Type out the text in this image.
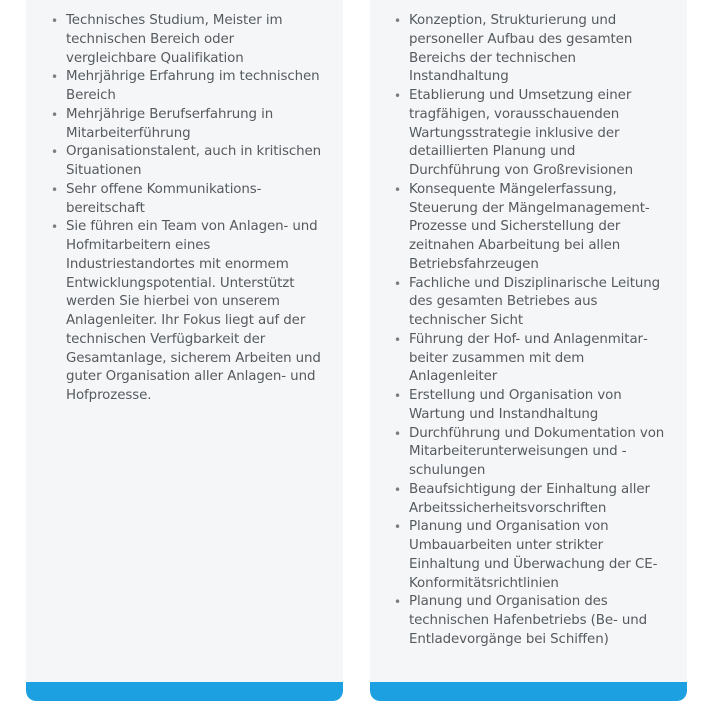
• Technisches Studium, Meister im technischen Bereich oder vergleichbare Qualifikation
• Mehrjährige Erfahrung im technischen Bereich
• Mehrjährige Berufserfahrung in Mitarbeiterführung
• Organisationstalent, auch in kritischen Situationen
• Sehr offene Kommunikationsbereitschaft
• Sie führen ein Team von Anlagen- und Hofmitarbeitern eines Industriestandortes mit enormem Entwicklungspotential. Unterstützt werden Sie hierbei von unserem Anlagenleiter. Ihr Fokus liegt auf der technischen Verfügbarkeit der Gesamtanlage, sicherem Arbeiten und guter Organisation aller Anlagen- und Hofprozesse.
• Konzeption, Strukturierung und personeller Aufbau des gesamten Bereichs der technischen Instandhaltung
• Etablierung und Umsetzung einer tragfähigen, vorausschauenden Wartungsstrategie inklusive der detaillierten Planung und Durchführung von Großrevisionen
• Konsequente Mängelerfassung, Steuerung der Mängelmanagement-Prozesse und Sicherstellung der zeitnahen Abarbeitung bei allen Betriebsfahrzeugen
• Fachliche und Disziplinarische Leitung des gesamten Betriebes aus technischer Sicht
• Führung der Hof- und Anlagenmitarbeiter zusammen mit dem Anlagenleiter
• Erstellung und Organisation von Wartung und Instandhaltung
• Durchführung und Dokumentation von Mitarbeiterunterweisungen und -schulungen
• Beaufsichtigung der Einhaltung aller Arbeitssicherheitsvorschriften
• Planung und Organisation von Umbauarbeiten unter strikter Einhaltung und Überwachung der CE-Konformitätsrichtlinien
• Planung und Organisation des technischen Hafenbetriebs (Be- und Entladevorgänge bei Schiffen)
